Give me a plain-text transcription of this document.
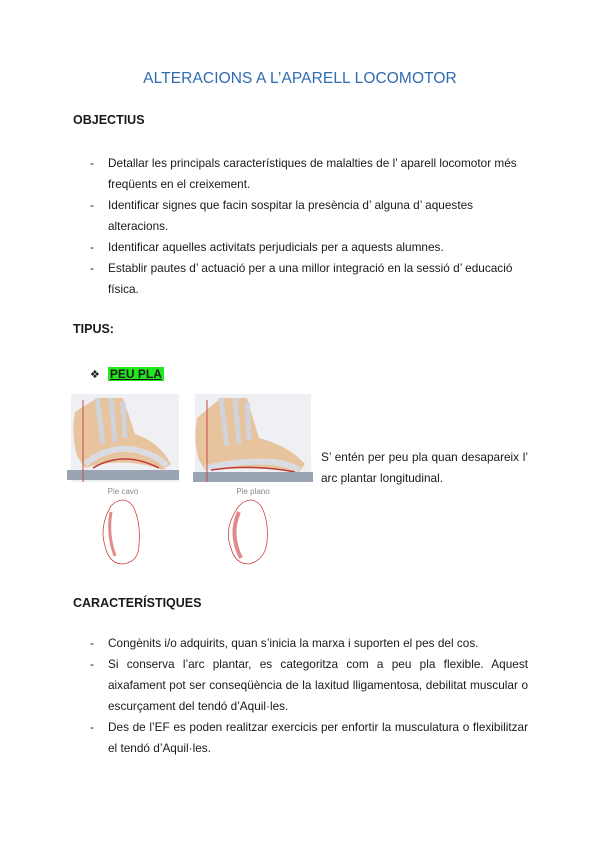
ALTERACIONS A L’APARELL LOCOMOTOR
OBJECTIUS
- Detallar les principals característiques de malalties de l’ aparell locomotor més freqüents en el creixement.
- Identificar signes que facin sospitar la presència d’ alguna d’ aquestes alteracions.
- Identificar aquelles activitats perjudicials per a aquests alumnes.
- Establir pautes d’ actuació per a una millor integració en la sessió d’ educació física.
TIPUS:
❖ PEU PLA
Pie cavo	Pie plano
S’ entén per peu pla quan desapareix l’ arc plantar longitudinal.
CARACTERÍSTIQUES
- Congènits i/o adquirits, quan s’inicia la marxa i suporten el pes del cos.
- Si conserva l’arc plantar, es categoritza com a peu pla flexible. Aquest aixafament pot ser conseqüència de la laxitud lligamentosa, debilitat muscular o escurçament del tendó d’Aquil·les.
- Des de l’EF es poden realitzar exercicis per enfortir la musculatura o flexibilitzar el tendó d’Aquil·les.
